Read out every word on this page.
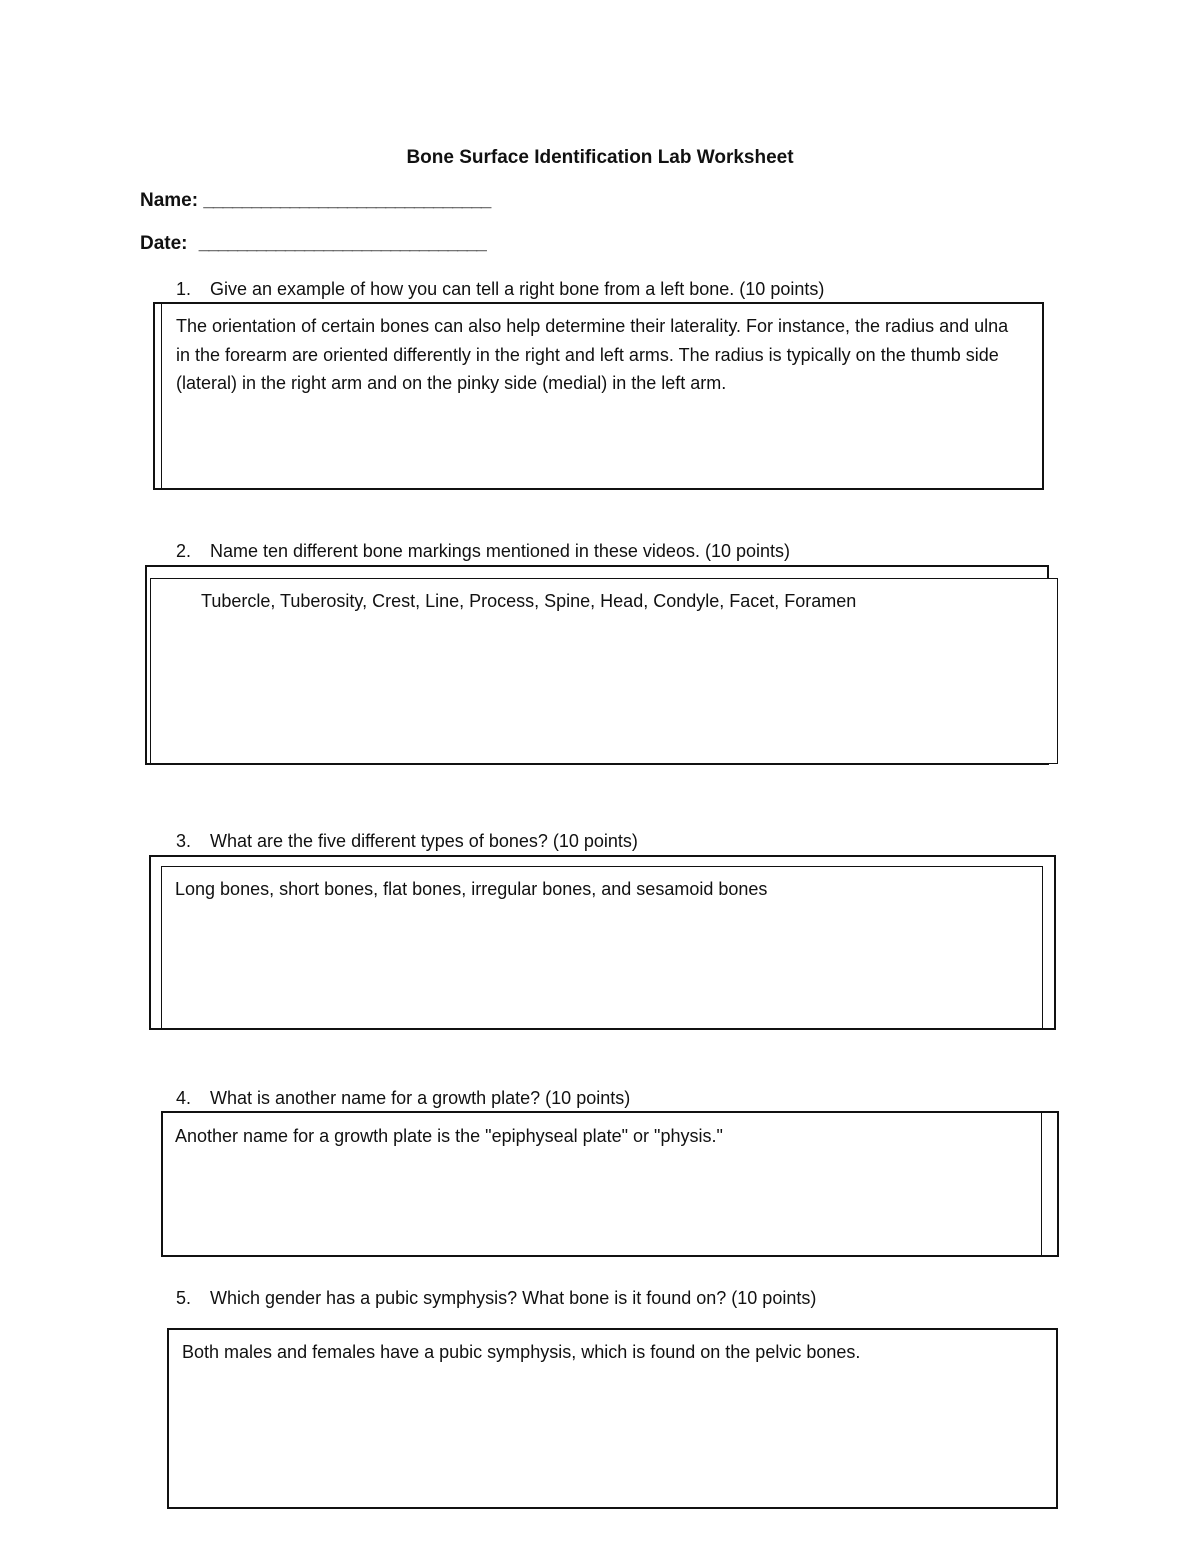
Bone Surface Identification Lab Worksheet
Name: ______________________________
Date: ______________________________
1. Give an example of how you can tell a right bone from a left bone. (10 points)
The orientation of certain bones can also help determine their laterality. For instance, the radius and ulna in the forearm are oriented differently in the right and left arms. The radius is typically on the thumb side (lateral) in the right arm and on the pinky side (medial) in the left arm.
2. Name ten different bone markings mentioned in these videos. (10 points)
Tubercle, Tuberosity, Crest, Line, Process, Spine, Head, Condyle, Facet, Foramen
3. What are the five different types of bones? (10 points)
Long bones, short bones, flat bones, irregular bones, and sesamoid bones
4. What is another name for a growth plate? (10 points)
Another name for a growth plate is the "epiphyseal plate" or "physis."
5. Which gender has a pubic symphysis? What bone is it found on? (10 points)
Both males and females have a pubic symphysis, which is found on the pelvic bones.
